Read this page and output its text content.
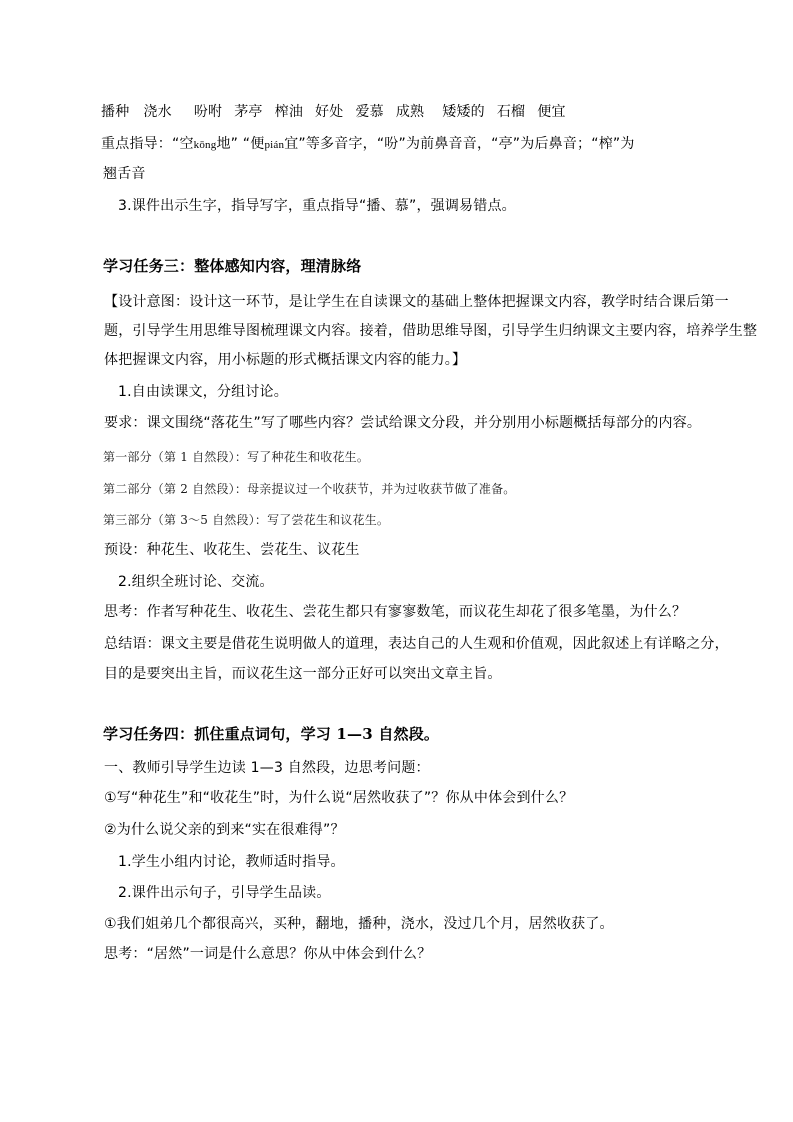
播种 浇水 吩咐 茅亭 榨油 好处 爱慕 成熟 矮矮的 石榴 便宜
重点指导：“空kōng地” “便pián宜”等多音字，“吩”为前鼻音音，“亭”为后鼻音；“榨”为
翘舌音
3.课件出示生字，指导写字，重点指导“播、慕”，强调易错点。
学习任务三：整体感知内容，理清脉络
【设计意图：设计这一环节，是让学生在自读课文的基础上整体把握课文内容，教学时结合课后第一
题，引导学生用思维导图梳理课文内容。接着，借助思维导图，引导学生归纳课文主要内容，培养学生整
体把握课文内容，用小标题的形式概括课文内容的能力。】
1.自由读课文，分组讨论。
要求：课文围绕“落花生”写了哪些内容？尝试给课文分段，并分别用小标题概括每部分的内容。
第一部分（第 1 自然段）：写了种花生和收花生。
第二部分（第 2 自然段）：母亲提议过一个收获节，并为过收获节做了准备。
第三部分（第 3～5 自然段）：写了尝花生和议花生。
预设：种花生、收花生、尝花生、议花生
2.组织全班讨论、交流。
思考：作者写种花生、收花生、尝花生都只有寥寥数笔，而议花生却花了很多笔墨，为什么？
总结语：课文主要是借花生说明做人的道理，表达自己的人生观和价值观，因此叙述上有详略之分，
目的是要突出主旨，而议花生这一部分正好可以突出文章主旨。
学习任务四：抓住重点词句，学习 1—3 自然段。
一、教师引导学生边读 1—3 自然段，边思考问题：
①写“种花生”和“收花生”时，为什么说“居然收获了”？你从中体会到什么？
②为什么说父亲的到来“实在很难得”？
1.学生小组内讨论，教师适时指导。
2.课件出示句子，引导学生品读。
①我们姐弟几个都很高兴，买种，翻地，播种，浇水，没过几个月，居然收获了。
思考：“居然”一词是什么意思？你从中体会到什么？
